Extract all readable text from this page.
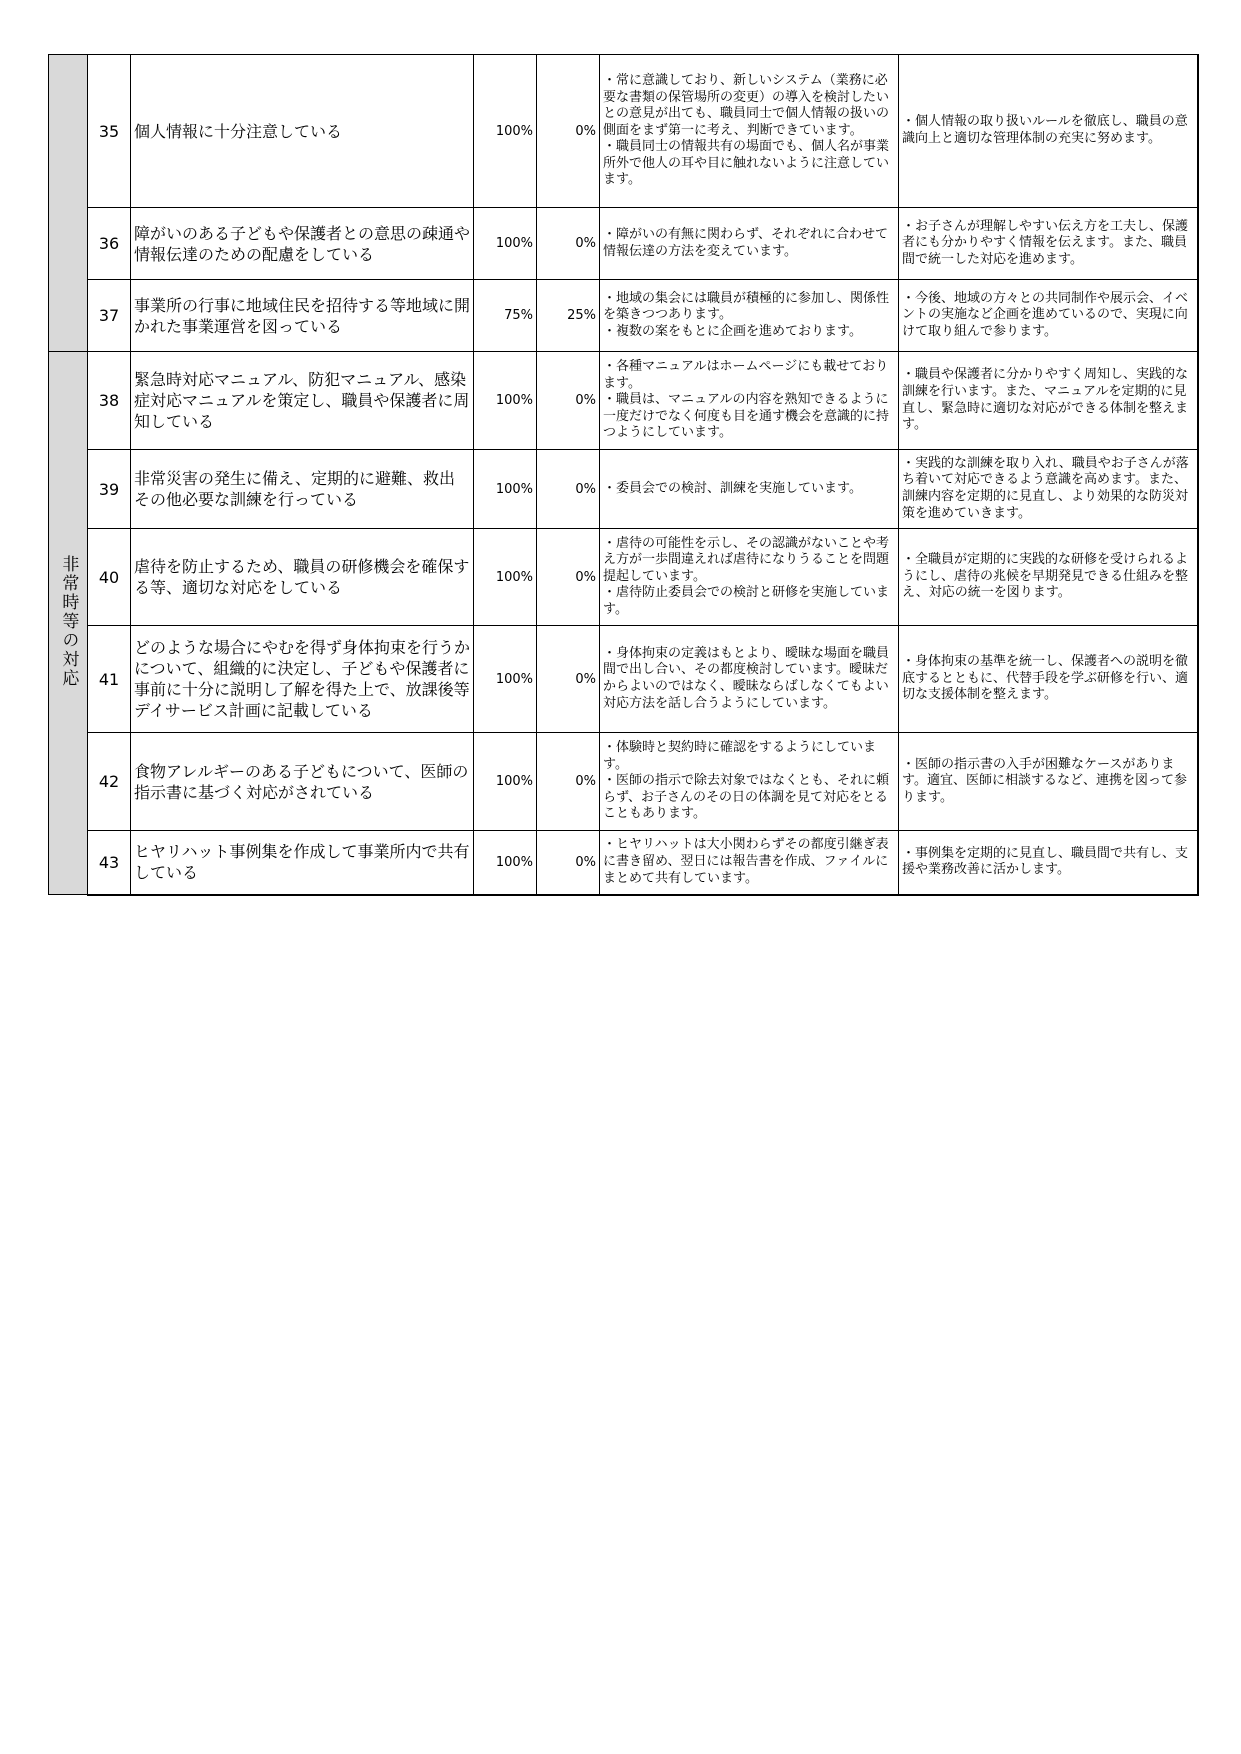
	35	個人情報に十分注意している	100%	0%	・常に意識しており、新しいシステム（業務に必要な書類の保管場所の変更）の導入を検討したいとの意見が出ても、職員同士で個人情報の扱いの側面をまず第一に考え、判断できています。
・職員同士の情報共有の場面でも、個人名が事業所外で他人の耳や目に触れないように注意しています。	・個人情報の取り扱いルールを徹底し、職員の意識向上と適切な管理体制の充実に努めます。

	36	障がいのある子どもや保護者との意思の疎通や情報伝達のための配慮をしている	100%	0%	・障がいの有無に関わらず、それぞれに合わせて情報伝達の方法を変えています。	・お子さんが理解しやすい伝え方を工夫し、保護者にも分かりやすく情報を伝えます。また、職員間で統一した対応を進めます。

	37	事業所の行事に地域住民を招待する等地域に開かれた事業運営を図っている	75%	25%	・地域の集会には職員が積極的に参加し、関係性を築きつつあります。
・複数の案をもとに企画を進めております。	・今後、地域の方々との共同制作や展示会、イベントの実施など企画を進めているので、実現に向けて取り組んで参ります。

非常時等の対応	38	緊急時対応マニュアル、防犯マニュアル、感染症対応マニュアルを策定し、職員や保護者に周知している	100%	0%	・各種マニュアルはホームページにも載せております。
・職員は、マニュアルの内容を熟知できるように一度だけでなく何度も目を通す機会を意識的に持つようにしています。	・職員や保護者に分かりやすく周知し、実践的な訓練を行います。また、マニュアルを定期的に見直し、緊急時に適切な対応ができる体制を整えます。

	39	非常災害の発生に備え、定期的に避難、救出その他必要な訓練を行っている	100%	0%	・委員会での検討、訓練を実施しています。	・実践的な訓練を取り入れ、職員やお子さんが落ち着いて対応できるよう意識を高めます。また、訓練内容を定期的に見直し、より効果的な防災対策を進めていきます。

	40	虐待を防止するため、職員の研修機会を確保する等、適切な対応をしている	100%	0%	・虐待の可能性を示し、その認識がないことや考え方が一歩間違えれば虐待になりうることを問題提起しています。
・虐待防止委員会での検討と研修を実施しています。	・全職員が定期的に実践的な研修を受けられるようにし、虐待の兆候を早期発見できる仕組みを整え、対応の統一を図ります。

	41	どのような場合にやむを得ず身体拘束を行うかについて、組織的に決定し、子どもや保護者に事前に十分に説明し了解を得た上で、放課後等デイサービス計画に記載している	100%	0%	・身体拘束の定義はもとより、曖昧な場面を職員間で出し合い、その都度検討しています。曖昧だからよいのではなく、曖昧ならばしなくてもよい対応方法を話し合うようにしています。	・身体拘束の基準を統一し、保護者への説明を徹底するとともに、代替手段を学ぶ研修を行い、適切な支援体制を整えます。

	42	食物アレルギーのある子どもについて、医師の指示書に基づく対応がされている	100%	0%	・体験時と契約時に確認をするようにしています。
・医師の指示で除去対象ではなくとも、それに頼らず、お子さんのその日の体調を見て対応をとることもあります。	・医師の指示書の入手が困難なケースがあります。適宜、医師に相談するなど、連携を図って参ります。

	43	ヒヤリハット事例集を作成して事業所内で共有している	100%	0%	・ヒヤリハットは大小関わらずその都度引継ぎ表に書き留め、翌日には報告書を作成、ファイルにまとめて共有しています。	・事例集を定期的に見直し、職員間で共有し、支援や業務改善に活かします。
